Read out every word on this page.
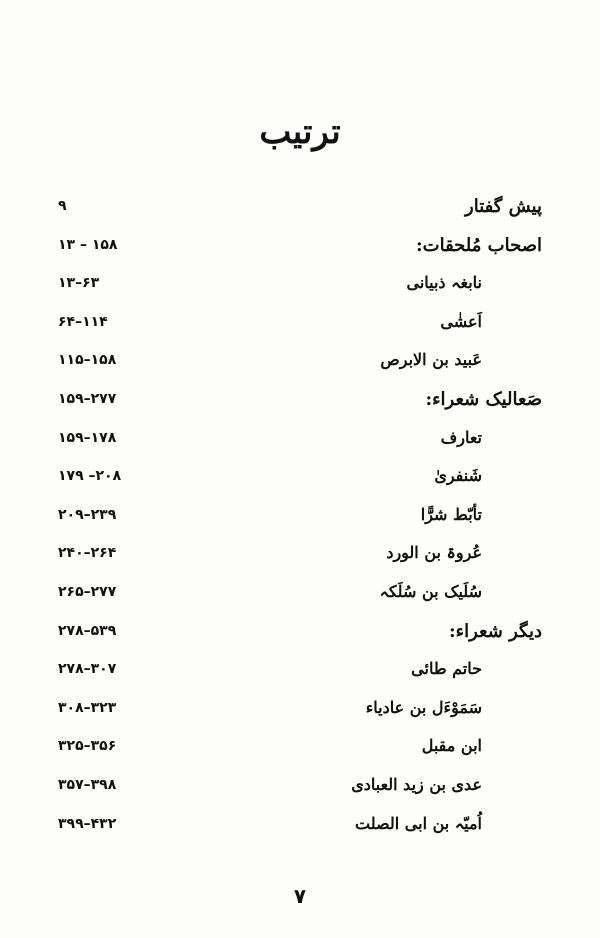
ترتیب
پیش گفتار
۹
اصحاب مُلحقات:
۱۳ – ۱۵۸
نابغہ ذبیانی
۱۳–۶۳
اَعشٰی
۶۴–۱۱۴
عَبید بن الابرص
۱۱۵–۱۵۸
صَعالیک شعراء:
۱۵۹–۲۷۷
تعارف
۱۵۹–۱۷۸
شَنفریٰ
۱۷۹ –۲۰۸
تأبّط شرًّا
۲۰۹–۲۳۹
عُروۃ بن الورد
۲۴۰–۲۶۴
سُلَیک بن سُلَکہ
۲۶۵–۲۷۷
دیگر شعراء:
۲۷۸–۵۳۹
حاتم طائی
۲۷۸–۳۰۷
سَمَوْءَل بن عادیاء
۳۰۸–۳۲۳
ابن مقبل
۳۲۵–۳۵۶
عدی بن زید العبادی
۳۵۷–۳۹۸
اُمیّہ بن ابی الصلت
۳۹۹–۴۳۲
۷
